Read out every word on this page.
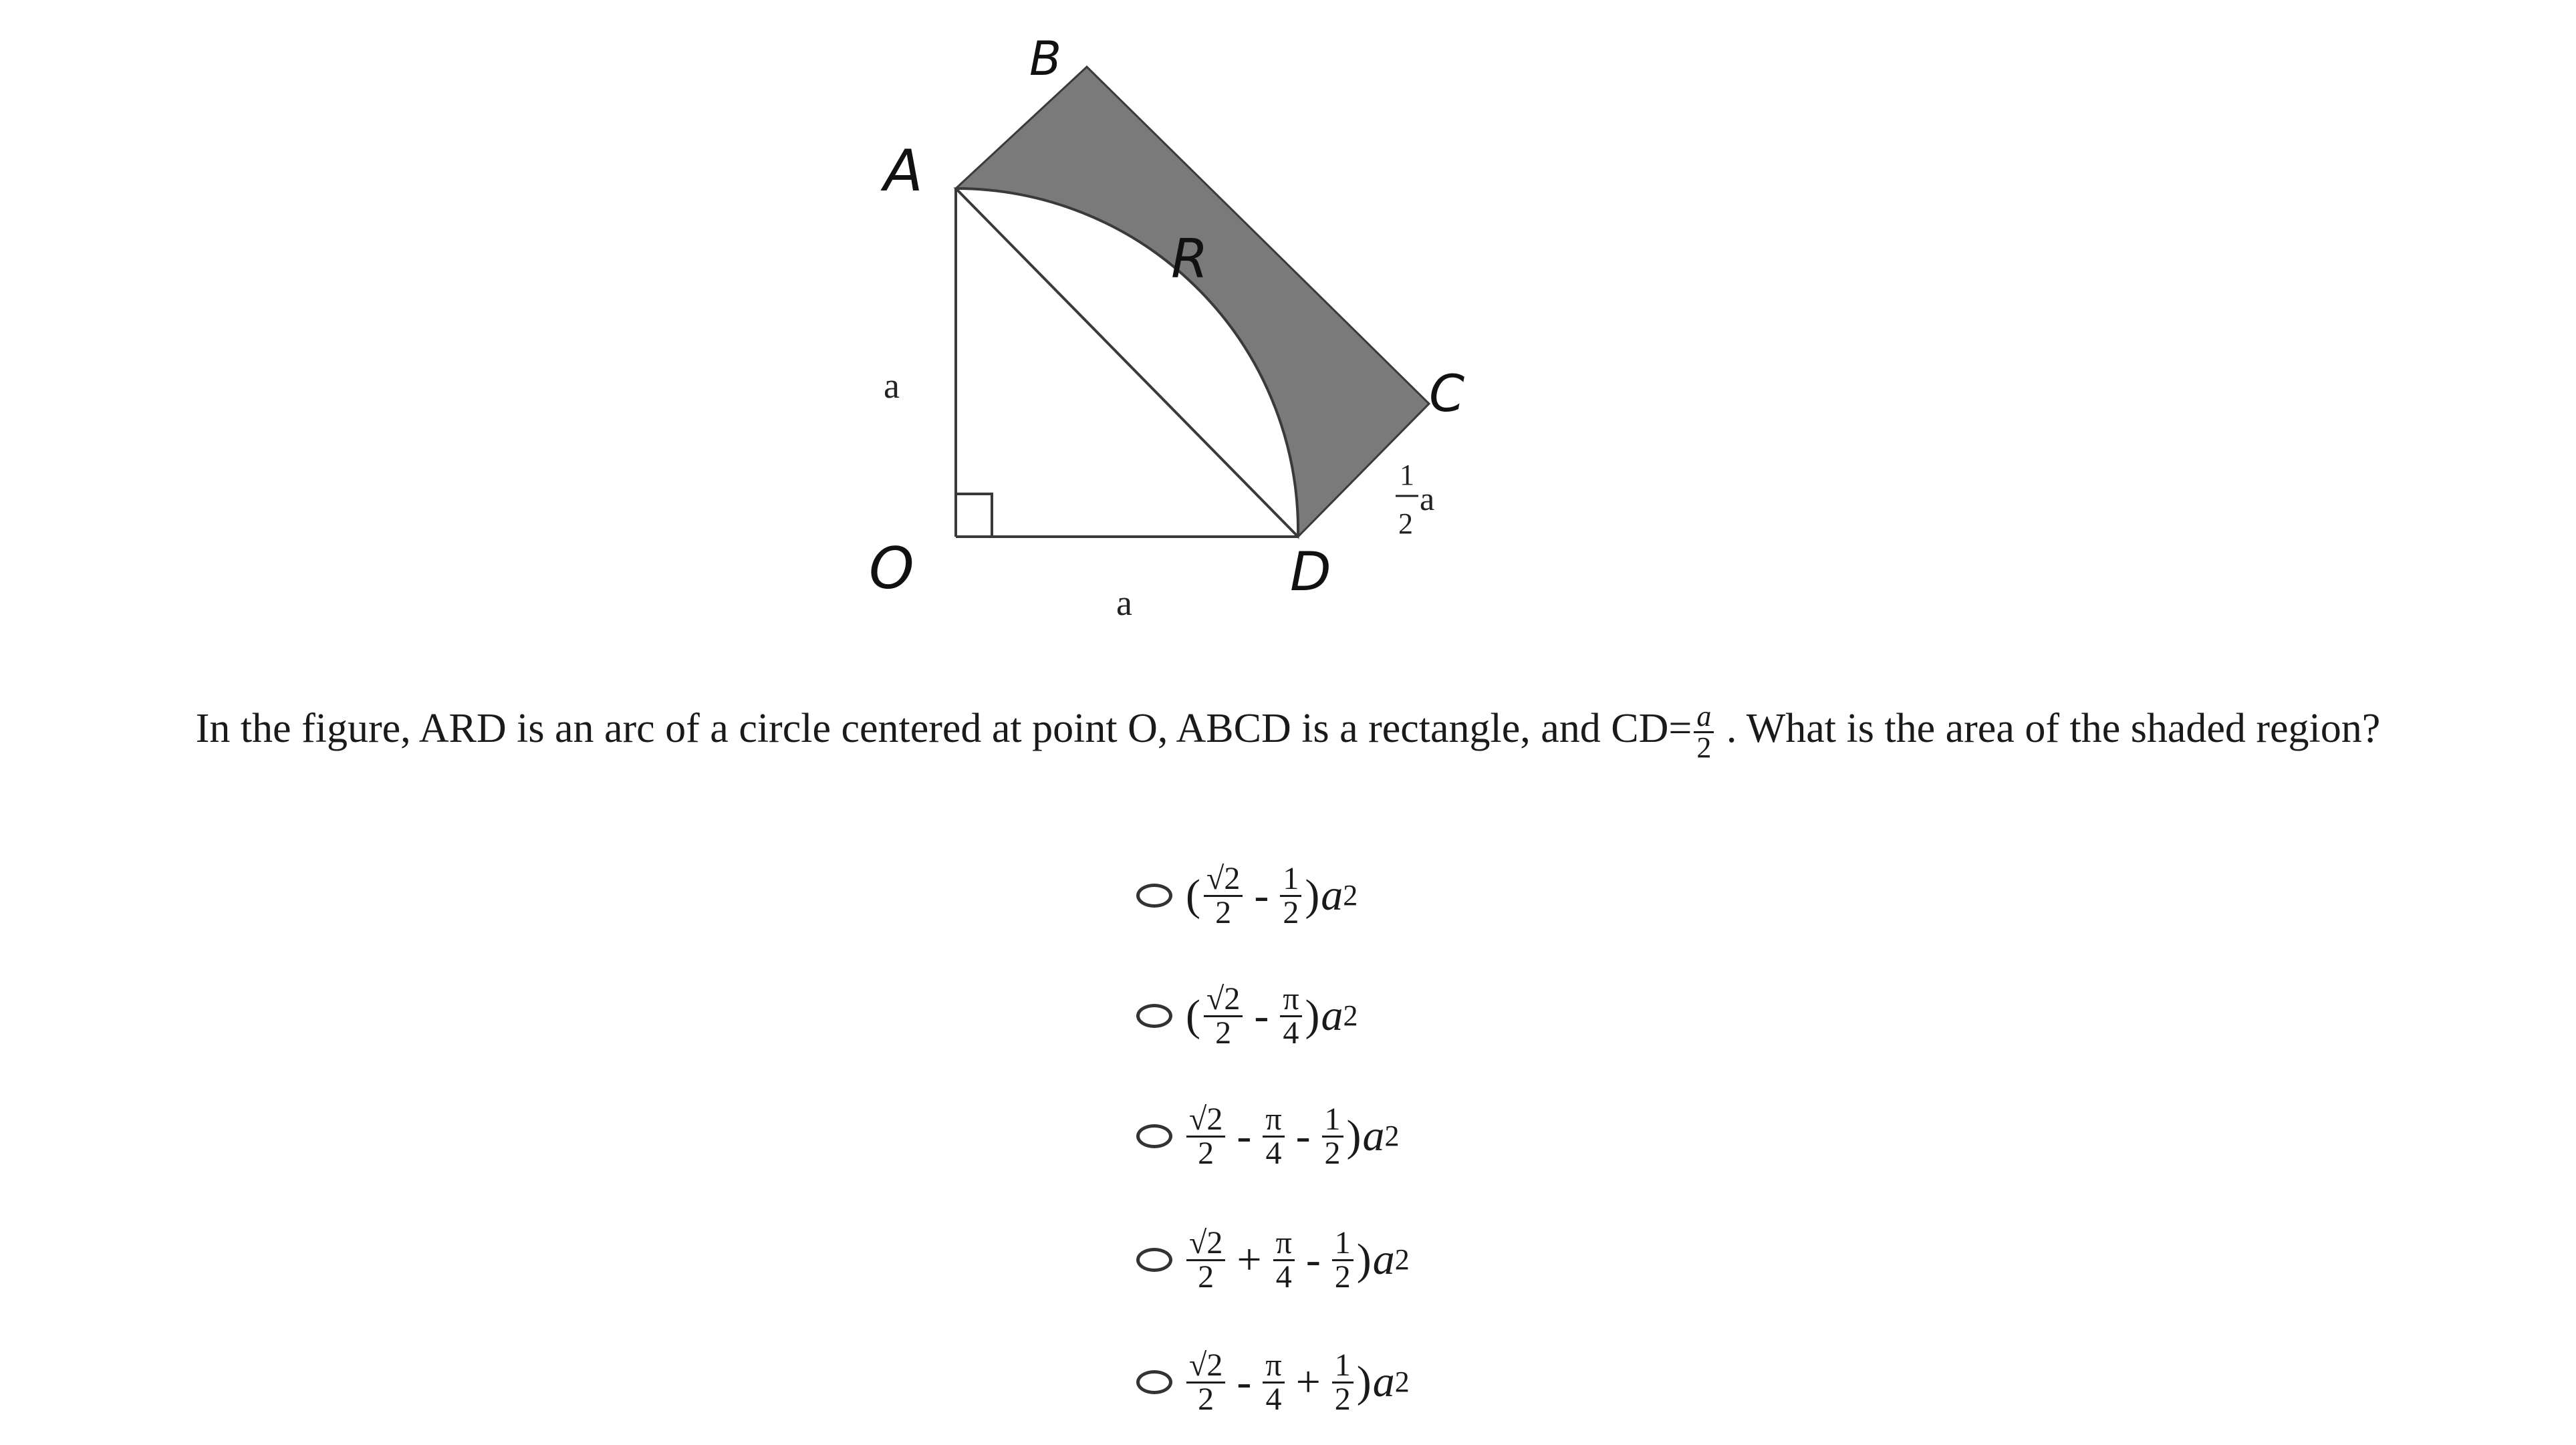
B
A
R
C
O	D
a
a
1
2
a
In the figure, ARD is an arc of a circle centered at point O, ABCD is a rectangle, and $CD= \frac{a}{2}$ . What is the area of the shaded region?
( $\frac{√2}{2} - \frac{1}{2}$ ) a 2
( $\frac{√2}{2} - \frac{\pi}{4}$ ) a 2
$\frac{√2}{2} - \frac{\pi}{4} - \frac{1}{2}$ ) a 2
$\frac{√2}{2} + \frac{\pi}{4} - \frac{1}{2}$ ) a 2
$\frac{√2}{2} - \frac{\pi}{4} + \frac{1}{2}$ ) a 2
